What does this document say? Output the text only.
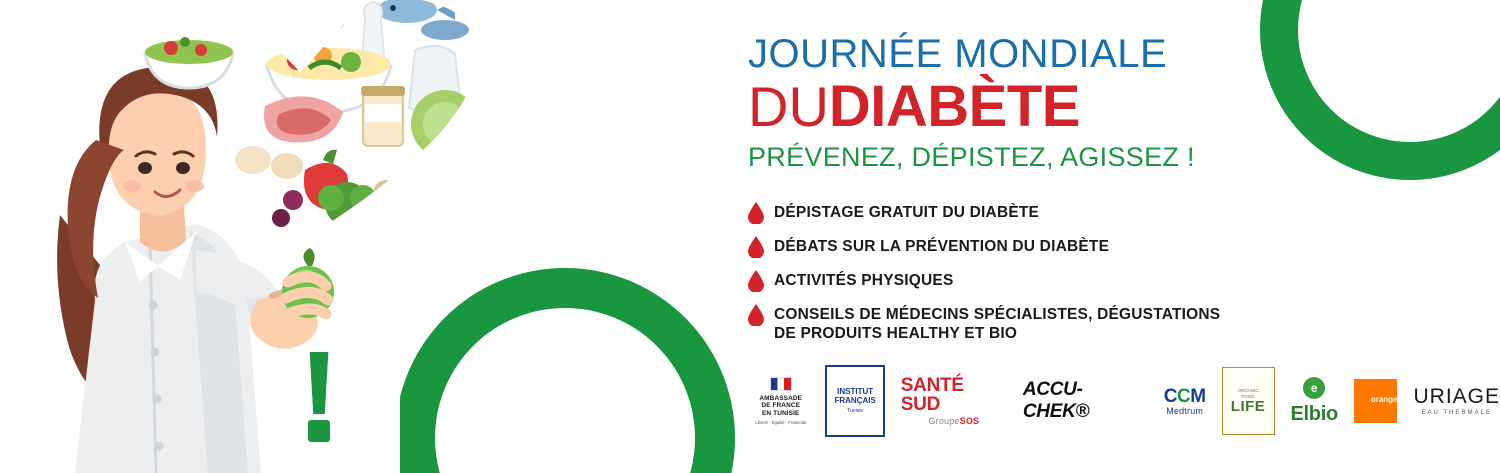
JOURNÉE MONDIALE
DUDIABÈTE
PRÉVENEZ, DÉPISTEZ, AGISSEZ !
DÉPISTAGE GRATUIT DU DIABÈTE
DÉBATS SUR LA PRÉVENTION DU DIABÈTE
ACTIVITÉS PHYSIQUES
CONSEILS DE MÉDECINS SPÉCIALISTES, DÉGUSTATIONS DE PRODUITS HEALTHY ET BIO
AMBASSADE
DE FRANCE
EN TUNISIE
Liberté · Égalité · Fraternité
INSTITUT
FRANÇAIS
Tunisie
SANTÉ SUD
GroupeSOS
ACCU-CHEK®
CCM
Medtrum
ORGANIC FOOD
LIFE
e
Elbio
orange URIAGE
EAU THERMALE
